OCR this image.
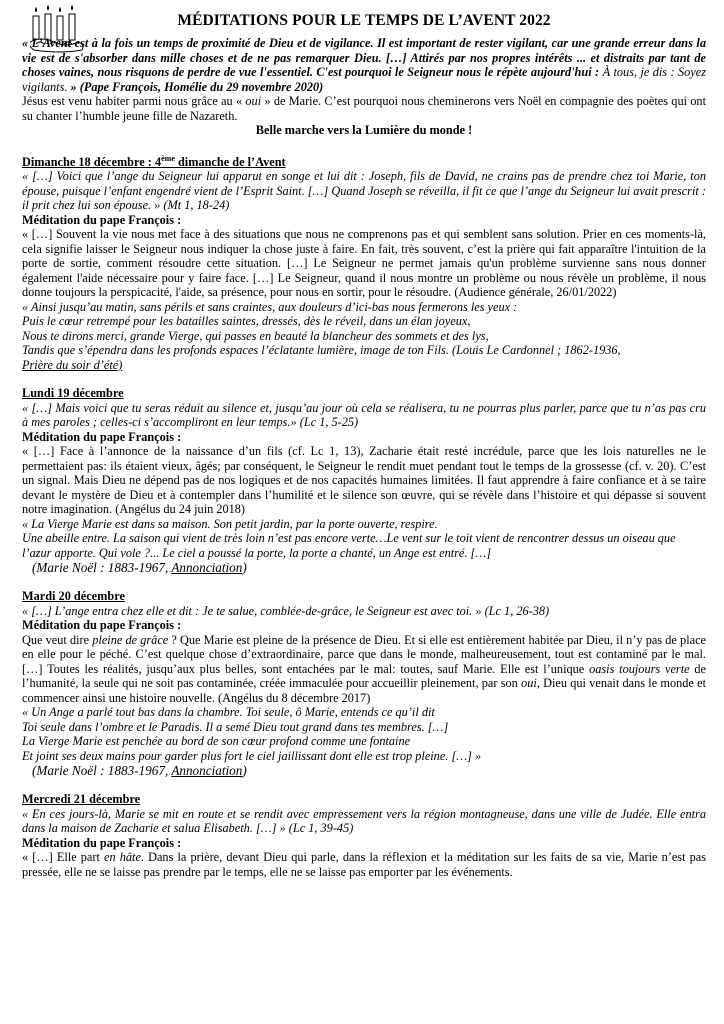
MÉDITATIONS POUR LE TEMPS DE L’AVENT 2022

« L’Avent est à la fois un temps de proximité de Dieu et de vigilance. Il est important de rester vigilant, car une grande erreur dans la vie est de s'absorber dans mille choses et de ne pas remarquer Dieu. […] Attirés par nos propres intérêts ... et distraits par tant de choses vaines, nous risquons de perdre de vue l'essentiel. C'est pourquoi le Seigneur nous le répète aujourd'hui : À tous, je dis : Soyez vigilants. » (Pape François, Homélie du 29 novembre 2020)

Jésus est venu habiter parmi nous grâce au « oui » de Marie. C’est pourquoi nous cheminerons vers Noël en compagnie des poètes qui ont su chanter l’humble jeune fille de Nazareth.

Belle marche vers la Lumière du monde !

Dimanche 18 décembre : 4ème dimanche de l’Avent

« […] Voici que l’ange du Seigneur lui apparut en songe et lui dit : Joseph, fils de David, ne crains pas de prendre chez toi Marie, ton épouse, puisque l’enfant engendré vient de l’Esprit Saint. […] Quand Joseph se réveilla, il fit ce que l’ange du Seigneur lui avait prescrit : il prit chez lui son épouse. » (Mt 1, 18-24)

Méditation du pape François :

« […] Souvent la vie nous met face à des situations que nous ne comprenons pas et qui semblent sans solution. Prier en ces moments-là, cela signifie laisser le Seigneur nous indiquer la chose juste à faire. En fait, très souvent, c’est la prière qui fait apparaître l'intuition de la porte de sortie, comment résoudre cette situation. […] Le Seigneur ne permet jamais qu'un problème survienne sans nous donner également l'aide nécessaire pour y faire face. […] Le Seigneur, quand il nous montre un problème ou nous révèle un problème, il nous donne toujours la perspicacité, l'aide, sa présence, pour nous en sortir, pour le résoudre. (Audience générale, 26/01/2022)

« Ainsi jusqu’au matin, sans périls et sans craintes, aux douleurs d’ici-bas nous fermerons les yeux :

Puis le cœur retrempé pour les batailles saintes, dressés, dès le réveil, dans un élan joyeux,

Nous te dirons merci, grande Vierge, qui passes en beauté la blancheur des sommets et des lys,

Tandis que s’épendra dans les profonds espaces l’éclatante lumière, image de ton Fils. (Louis Le Cardonnel ; 1862-1936,

Prière du soir d’été)

Lundi 19 décembre

« […] Mais voici que tu seras réduit au silence et, jusqu’au jour où cela se réalisera, tu ne pourras plus parler, parce que tu n’as pas cru à mes paroles ; celles-ci s’accompliront en leur temps.» (Lc 1, 5-25)

Méditation du pape François :

« […] Face à l’annonce de la naissance d’un fils (cf. Lc 1, 13), Zacharie était resté incrédule, parce que les lois naturelles ne le permettaient pas: ils étaient vieux, âgés; par conséquent, le Seigneur le rendit muet pendant tout le temps de la grossesse (cf. v. 20). C’est un signal. Mais Dieu ne dépend pas de nos logiques et de nos capacités humaines limitées. Il faut apprendre à faire confiance et à se taire devant le mystère de Dieu et à contempler dans l’humilité et le silence son œuvre, qui se révèle dans l’histoire et qui dépasse si souvent notre imagination. (Angélus du 24 juin 2018)

« La Vierge Marie est dans sa maison. Son petit jardin, par la porte ouverte, respire.

Une abeille entre. La saison qui vient de très loin n’est pas encore verte…Le vent sur le toit vient de rencontrer dessus un oiseau que l’azur apporte. Qui vole ?... Le ciel a poussé la porte, la porte a chanté, un Ange est entré. […]

(Marie Noël : 1883-1967, Annonciation)

Mardi 20 décembre

« […] L’ange entra chez elle et dit : Je te salue, comblée-de-grâce, le Seigneur est avec toi. » (Lc 1, 26-38)

Méditation du pape François :

Que veut dire pleine de grâce ? Que Marie est pleine de la présence de Dieu. Et si elle est entièrement habitée par Dieu, il n’y pas de place en elle pour le péché. C’est quelque chose d’extraordinaire, parce que dans le monde, malheureusement, tout est contaminé par le mal. […] Toutes les réalités, jusqu’aux plus belles, sont entachées par le mal: toutes, sauf Marie. Elle est l’unique oasis toujours verte de l’humanité, la seule qui ne soit pas contaminée, créée immaculée pour accueillir pleinement, par son oui, Dieu qui venait dans le monde et commencer ainsi une histoire nouvelle. (Angélus du 8 décembre 2017)

« Un Ange a parlé tout bas dans la chambre. Toi seule, ô Marie, entends ce qu’il dit

Toi seule dans l’ombre et le Paradis. Il a semé Dieu tout grand dans tes membres. […]

La Vierge Marie est penchée au bord de son cœur profond comme une fontaine

Et joint ses deux mains pour garder plus fort le ciel jaillissant dont elle est trop pleine. […] »

(Marie Noël : 1883-1967, Annonciation)

Mercredi 21 décembre

« En ces jours-là, Marie se mit en route et se rendit avec empressement vers la région montagneuse, dans une ville de Judée. Elle entra dans la maison de Zacharie et salua Elisabeth. […] » (Lc 1, 39-45)

Méditation du pape François :

« […] Elle part en hâte. Dans la prière, devant Dieu qui parle, dans la réflexion et la méditation sur les faits de sa vie, Marie n’est pas pressée, elle ne se laisse pas prendre par le temps, elle ne se laisse pas emporter par les événements.
